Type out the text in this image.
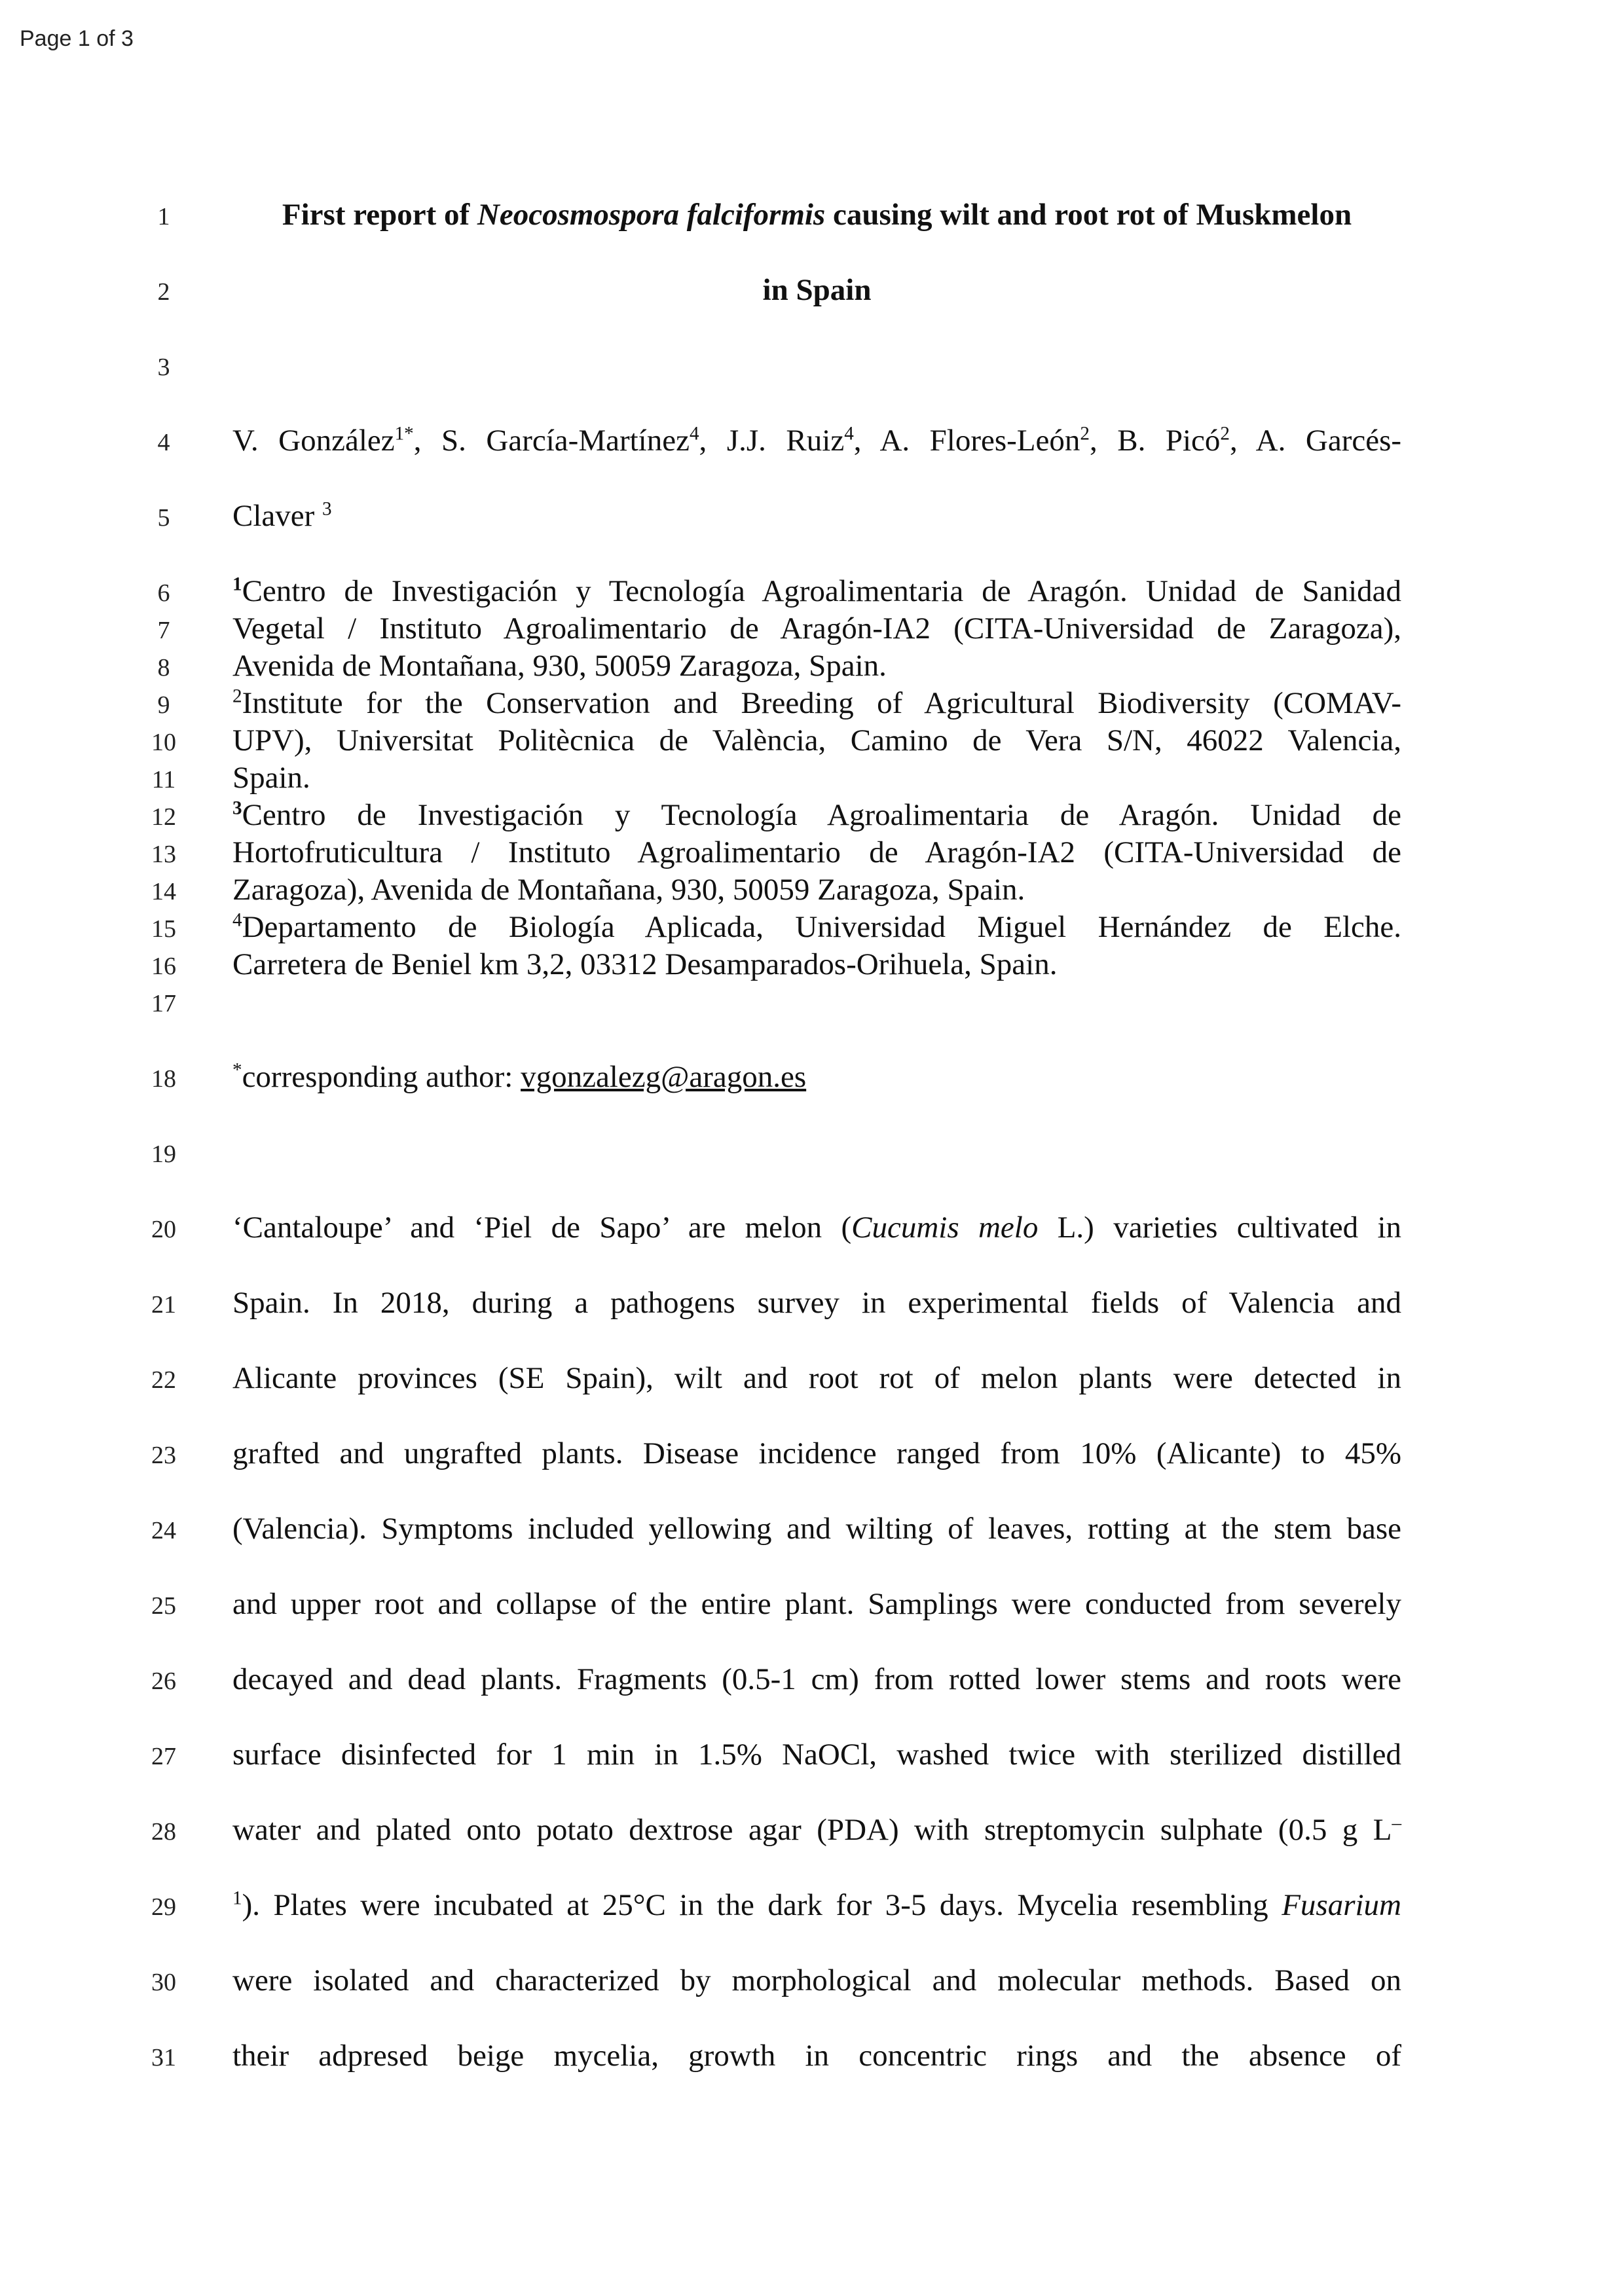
Page 1 of 3
1
2
3
4
5
6
7
8
9
10
11
12
13
14
15
16
17
18
19
20
21
22
23
24
25
26
27
28
29
30
31
First report of Neocosmospora falciformis causing wilt and root rot of Muskmelon
in Spain
V. González$^{1*}$, S. García-Martínez$^4$, J.J. Ruiz$^4$, A. Flores-León$^2$, B. Picó$^2$, A. Garcés-
Claver $^3$
$^1$Centro de Investigación y Tecnología Agroalimentaria de Aragón. Unidad de Sanidad
Vegetal / Instituto Agroalimentario de Aragón-IA2 (CITA-Universidad de Zaragoza),
Avenida de Montañana, 930, 50059 Zaragoza, Spain.
$^2$Institute for the Conservation and Breeding of Agricultural Biodiversity (COMAV-
UPV), Universitat Politècnica de València, Camino de Vera S/N, 46022 Valencia,
Spain.
$^3$Centro de Investigación y Tecnología Agroalimentaria de Aragón. Unidad de
Hortofruticultura / Instituto Agroalimentario de Aragón-IA2 (CITA-Universidad de
Zaragoza), Avenida de Montañana, 930, 50059 Zaragoza, Spain.
$^4$Departamento de Biología Aplicada, Universidad Miguel Hernández de Elche.
Carretera de Beniel km 3,2, 03312 Desamparados-Orihuela, Spain.
*corresponding author: vgonzalezg@aragon.es
‘Cantaloupe’ and ‘Piel de Sapo’ are melon (Cucumis melo L.) varieties cultivated in
Spain. In 2018, during a pathogens survey in experimental fields of Valencia and
Alicante provinces (SE Spain), wilt and root rot of melon plants were detected in
grafted and ungrafted plants. Disease incidence ranged from 10% (Alicante) to 45%
(Valencia). Symptoms included yellowing and wilting of leaves, rotting at the stem base
and upper root and collapse of the entire plant. Samplings were conducted from severely
decayed and dead plants. Fragments (0.5-1 cm) from rotted lower stems and roots were
surface disinfected for 1 min in 1.5% NaOCl, washed twice with sterilized distilled
water and plated onto potato dextrose agar (PDA) with streptomycin sulphate (0.5 g L–
$^1$). Plates were incubated at 25°C in the dark for 3-5 days. Mycelia resembling Fusarium
were isolated and characterized by morphological and molecular methods. Based on
their adpresed beige mycelia, growth in concentric rings and the absence of
